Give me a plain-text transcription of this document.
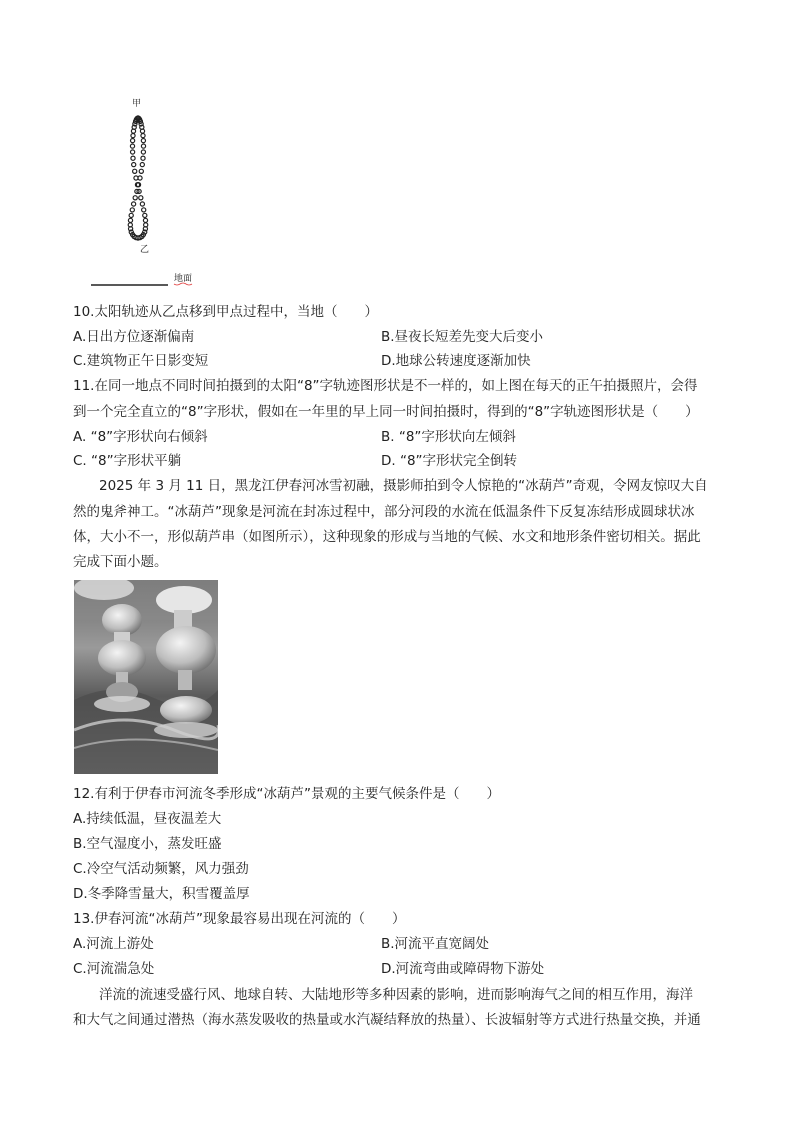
甲
乙
地面
10.太阳轨迹从乙点移到甲点过程中，当地（　　）
A.日出方位逐渐偏南	B.昼夜长短差先变大后变小
C.建筑物正午日影变短	D.地球公转速度逐渐加快
11.在同一地点不同时间拍摄到的太阳“8”字轨迹图形状是不一样的，如上图在每天的正午拍摄照片，会得
到一个完全直立的“8”字形状，假如在一年里的早上同一时间拍摄时，得到的“8”字轨迹图形状是（　　）
A. “8”字形状向右倾斜	B. “8”字形状向左倾斜
C. “8”字形状平躺	D. “8”字形状完全倒转
2025 年 3 月 11 日，黑龙江伊春河冰雪初融，摄影师拍到令人惊艳的“冰葫芦”奇观，令网友惊叹大自
然的鬼斧神工。“冰葫芦”现象是河流在封冻过程中，部分河段的水流在低温条件下反复冻结形成圆球状冰
体，大小不一，形似葫芦串（如图所示），这种现象的形成与当地的气候、水文和地形条件密切相关。据此
完成下面小题。
12.有利于伊春市河流冬季形成“冰葫芦”景观的主要气候条件是（　　）
A.持续低温，昼夜温差大
B.空气湿度小，蒸发旺盛
C.冷空气活动频繁，风力强劲
D.冬季降雪量大，积雪覆盖厚
13.伊春河流“冰葫芦”现象最容易出现在河流的（　　）
A.河流上游处	B.河流平直宽阔处
C.河流湍急处	D.河流弯曲或障碍物下游处
洋流的流速受盛行风、地球自转、大陆地形等多种因素的影响，进而影响海气之间的相互作用，海洋
和大气之间通过潜热（海水蒸发吸收的热量或水汽凝结释放的热量）、长波辐射等方式进行热量交换，并通
